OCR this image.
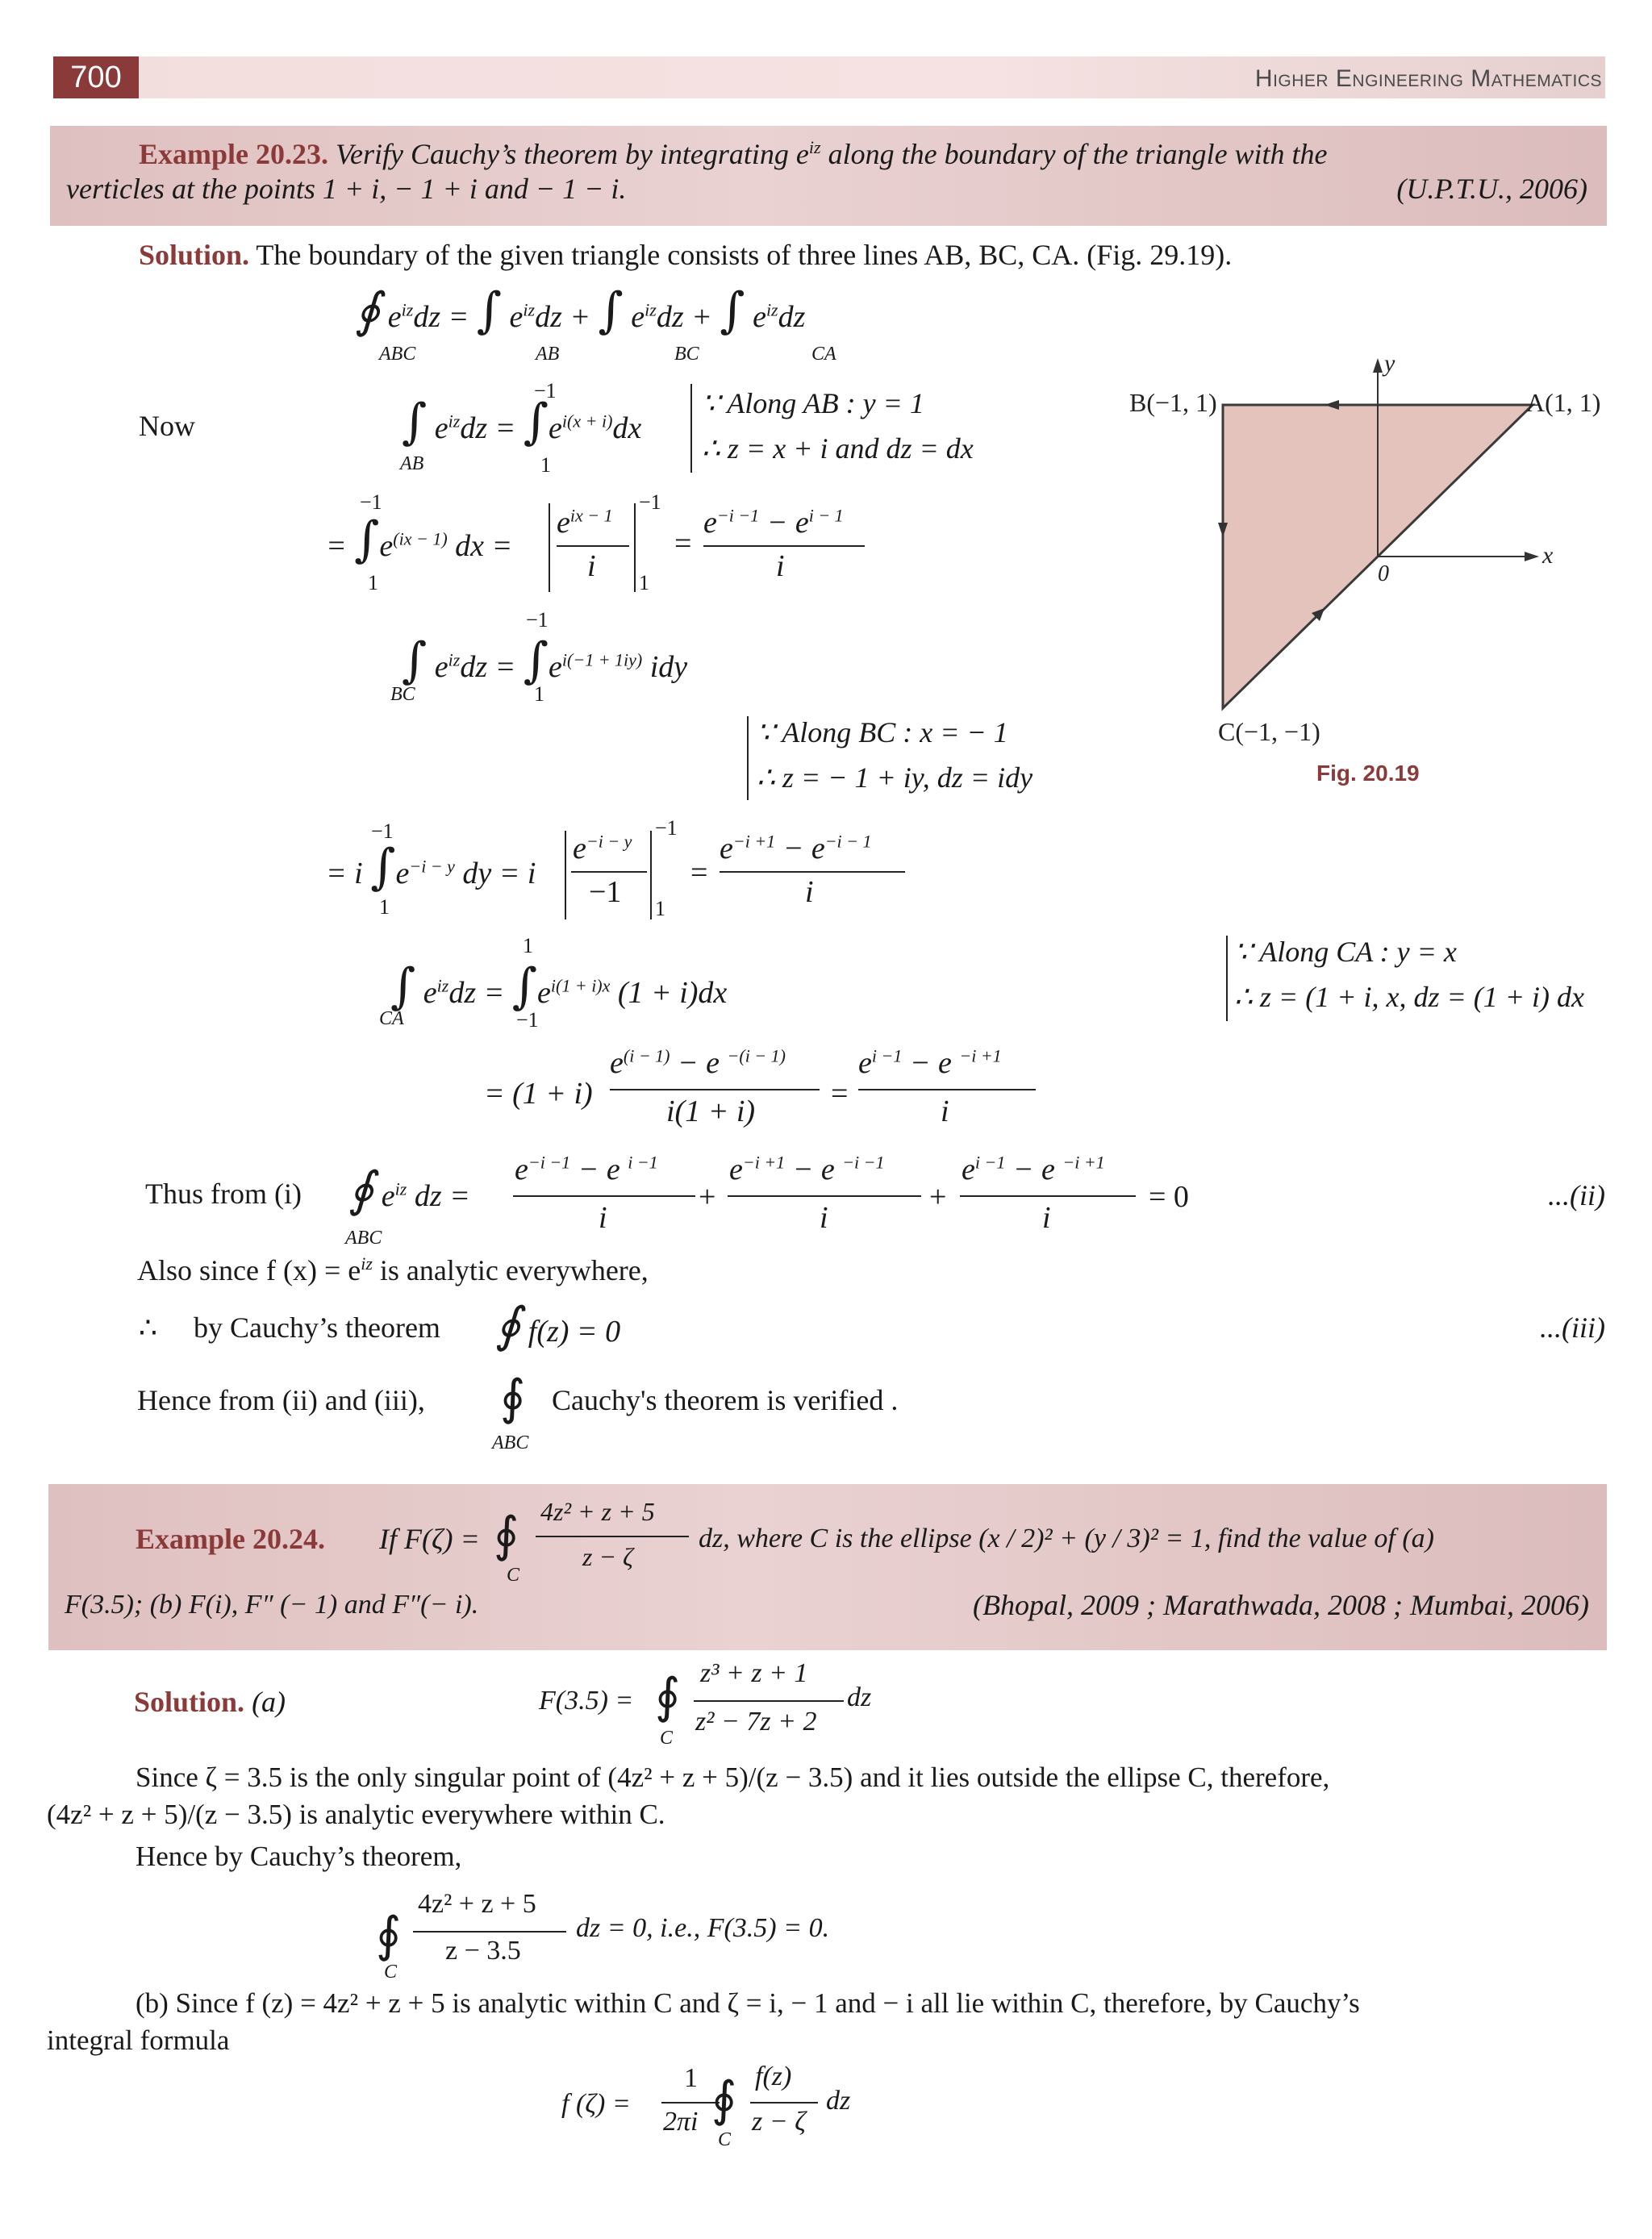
700	Higher Engineering Mathematics
Example 20.23. Verify Cauchy’s theorem by integrating $e^{iz}$ along the boundary of the triangle with the
verticles at the points 1 + i, − 1 + i and − 1 − i.	(U.P.T.U., 2006)
Solution. The boundary of the given triangle consists of three lines AB, BC, CA. (Fig. 29.19).
∮ $e^{iz}dz$ = ∫ $e^{iz}dz$ + ∫ $e^{iz}dz$ + ∫ $e^{iz}dz$
ABC	AB	BC	CA
Now	∫ $e^{iz}dz = \int e^{i(x + i)}dx$
−1
AB	1
∵ Along AB : y = 1
∴ z = x + i and dz = dx
= $\int e^{(ix - 1)}$ dx =
−1
1
$e^{ix - 1}$
i
−1
1
=
$e^{-i -1} - e^{i - 1}$
i
∫ $e^{iz}dz = \int e^{i(-1 + 1iy)}$ idy
−1
BC	1
∵ Along BC : x = − 1
∴ z = − 1 + iy, dz = idy
= i $\int e^{-i - y}$ dy = i
−1
1
$e^{-i - y}$
−1
−1
1
=
$e^{-i +1} - e^{-i - 1}$
i
∵ Along CA : y = x
∴ z = (1 + i, x, dz = (1 + i) dx
∫ $e^{iz}dz = \int e^{i(1 + i)x}$ (1 + i)dx
1
CA	−1
= (1 + i)
$e^{(i - 1)} - e$ $^{-(i - 1)}$
i(1 + i)
=
$e^{i -1} - e$ $^{-i +1}$
i
Thus from (i) ∮ $e^{iz}$ dz =
ABC
$e^{-i -1} - e$ $^{i -1}$
i
+
$e^{-i +1} - e$ $^{-i -1}$
i
+
$e^{i -1} - e$ $^{-i +1}$
i
= 0	...(ii)
Also since f $(x) = e^{iz}$ is analytic everywhere,
∴ by Cauchy’s theorem ∮ f(z) = 0	...(iii)
Hence from (ii) and (iii), ∮
ABC
Cauchy's theorem is verified .
B(−1, 1)	A(1, 1)
C(−1, −1)
0
x
y
Fig. 20.19
Example 20.24. If F(ζ) = ∮
C
4z² + z + 5
z − ζ
dz, where C is the ellipse (x / 2)² + (y / 3)² = 1, find the value of (a)
F(3.5); (b) F(i), F″ (− 1) and F″(− i).	(Bhopal, 2009 ; Marathwada, 2008 ; Mumbai, 2006)
Solution. (a)	F(3.5) = ∮
C
z³ + z + 1
z² − 7z + 2
dz
Since ζ = 3.5 is the only singular point of (4z² + z + 5)/(z − 3.5) and it lies outside the ellipse C, therefore,
(4z² + z + 5)/(z − 3.5) is analytic everywhere within C.
Hence by Cauchy’s theorem,
∮
C
4z² + z + 5
z − 3.5
dz = 0, i.e., F(3.5) = 0.
(b) Since f (z) = 4z² + z + 5 is analytic within C and ζ = i, − 1 and − i all lie within C, therefore, by Cauchy’s
integral formula
f (ζ) =
1
2πi ∮
C
f(z)
z − ζ
dz
